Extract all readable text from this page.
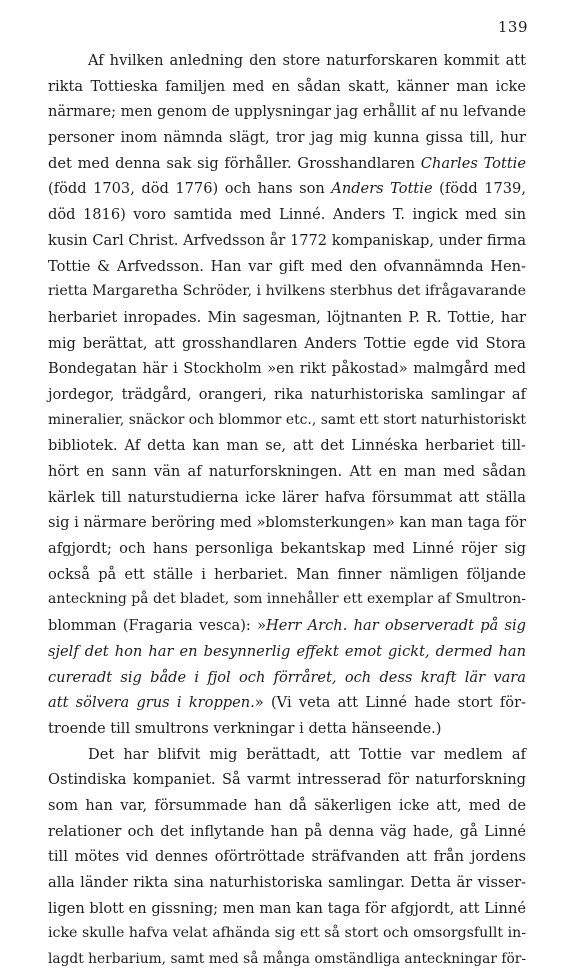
139
Af hvilken anledning den store naturforskaren kommit att
rikta Tottieska familjen med en sådan skatt, känner man icke
närmare; men genom de upplysningar jag erhållit af nu lefvande
personer inom nämnda slägt, tror jag mig kunna gissa till, hur
det med denna sak sig förhåller. Grosshandlaren Charles Tottie
(född 1703, död 1776) och hans son Anders Tottie (född 1739,
död 1816) voro samtida med Linné. Anders T. ingick med sin
kusin Carl Christ. Arfvedsson år 1772 kompaniskap, under firma
Tottie & Arfvedsson. Han var gift med den ofvannämnda Hen-
rietta Margaretha Schröder, i hvilkens sterbhus det ifrågavarande
herbariet inropades. Min sagesman, löjtnanten P. R. Tottie, har
mig berättat, att grosshandlaren Anders Tottie egde vid Stora
Bondegatan här i Stockholm »en rikt påkostad» malmgård med
jordegor, trädgård, orangeri, rika naturhistoriska samlingar af
mineralier, snäckor och blommor etc., samt ett stort naturhistoriskt
bibliotek. Af detta kan man se, att det Linnéska herbariet till-
hört en sann vän af naturforskningen. Att en man med sådan
kärlek till naturstudierna icke lärer hafva försummat att ställa
sig i närmare beröring med »blomsterkungen» kan man taga för
afgjordt; och hans personliga bekantskap med Linné röjer sig
också på ett ställe i herbariet. Man finner nämligen följande
anteckning på det bladet, som innehåller ett exemplar af Smultron-
blomman (Fragaria vesca): »Herr Arch. har observeradt på sig
sjelf det hon har en besynnerlig effekt emot gickt, dermed han
cureradt sig både i fjol och förråret, och dess kraft lär vara
att sölvera grus i kroppen.» (Vi veta att Linné hade stort för-
troende till smultrons verkningar i detta hänseende.)
Det har blifvit mig berättadt, att Tottie var medlem af
Ostindiska kompaniet. Så varmt intresserad för naturforskning
som han var, försummade han då säkerligen icke att, med de
relationer och det inflytande han på denna väg hade, gå Linné
till mötes vid dennes oförtröttade sträfvanden att från jordens
alla länder rikta sina naturhistoriska samlingar. Detta är visser-
ligen blott en gissning; men man kan taga för afgjordt, att Linné
icke skulle hafva velat afhända sig ett så stort och omsorgsfullt in-
lagdt herbarium, samt med så många omständliga anteckningar för-
